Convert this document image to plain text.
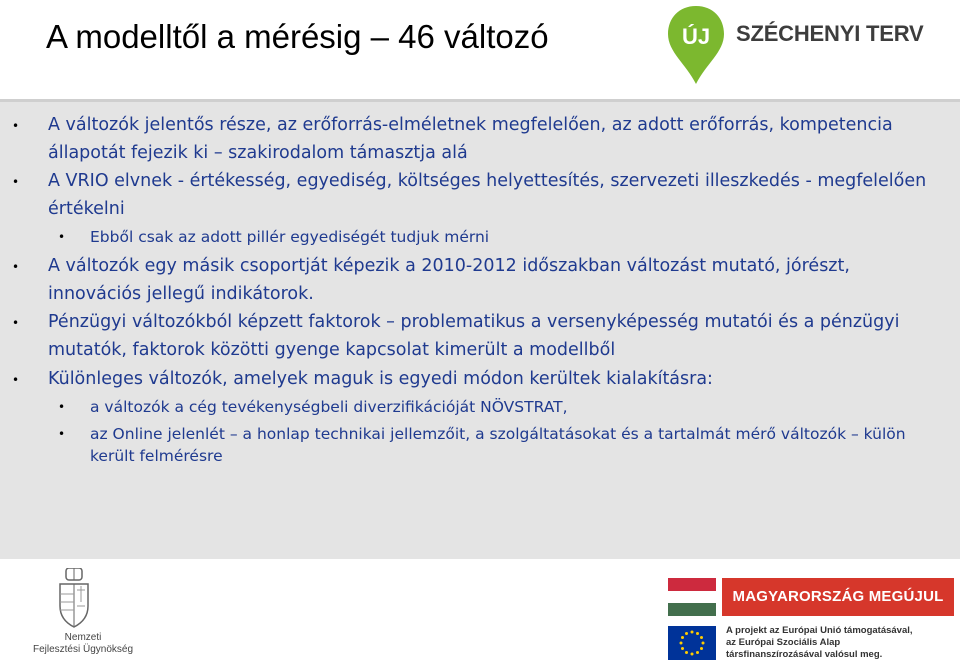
A modelltől a mérésig – 46 változó	ÚJ SZÉCHENYI TERV
• A változók jelentős része, az erőforrás-elméletnek megfelelően, az adott erőforrás, kompetencia állapotát fejezik ki – szakirodalom támasztja alá
• A VRIO elvnek - értékesség, egyediség, költséges helyettesítés, szervezeti illeszkedés - megfelelően értékelni
• Ebből csak az adott pillér egyediségét tudjuk mérni
• A változók egy másik csoportját képezik a 2010-2012 időszakban változást mutató, jórészt, innovációs jellegű indikátorok.
• Pénzügyi változókból képzett faktorok – problematikus a versenyképesség mutatói és a pénzügyi mutatók, faktorok közötti gyenge kapcsolat kimerült a modellből
• Különleges változók, amelyek maguk is egyedi módon kerültek kialakításra:
• a változók a cég tevékenységbeli diverzifikációját NÖVSTRAT,
• az Online jelenlét – a honlap technikai jellemzőit, a szolgáltatásokat és a tartalmát mérő változók – külön került felmérésre
Nemzeti
Fejlesztési Ügynökség
MAGYARORSZÁG MEGÚJUL
A projekt az Európai Unió támogatásával,
az Európai Szociális Alap
társfinanszírozásával valósul meg.
